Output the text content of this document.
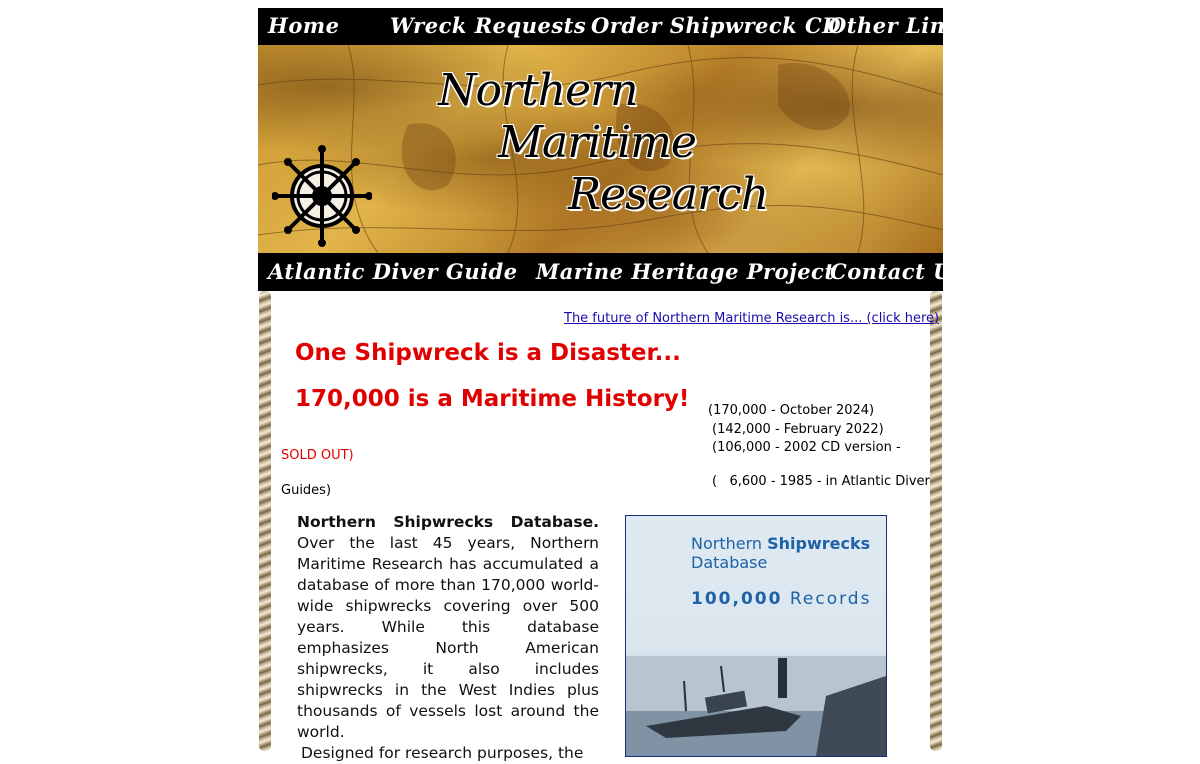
Home Wreck Requests Order Shipwreck CD
Other Links
Northern
Maritime
Research
Atlantic Diver Guide Marine Heritage Project
Contact Us
The future of Northern Maritime Research is... (click here)
One Shipwreck is a Disaster...
170,000 is a Maritime History! (170,000 - October 2024)
(142,000 - February 2022)
(106,000 - 2002 CD version -
SOLD OUT)
(   6,600 - 1985 - in Atlantic Diver
Guides)
Northern Shipwrecks Database. Over the last 45 years, Northern Maritime Research has accumulated a database of more than 170,000 world-wide shipwrecks covering over 500 years. While this database emphasizes North American shipwrecks, it also includes shipwrecks in the West Indies plus thousands of vessels lost around the world.
Designed for research purposes, the
Northern Shipwrecks
Database
100,000 Records
